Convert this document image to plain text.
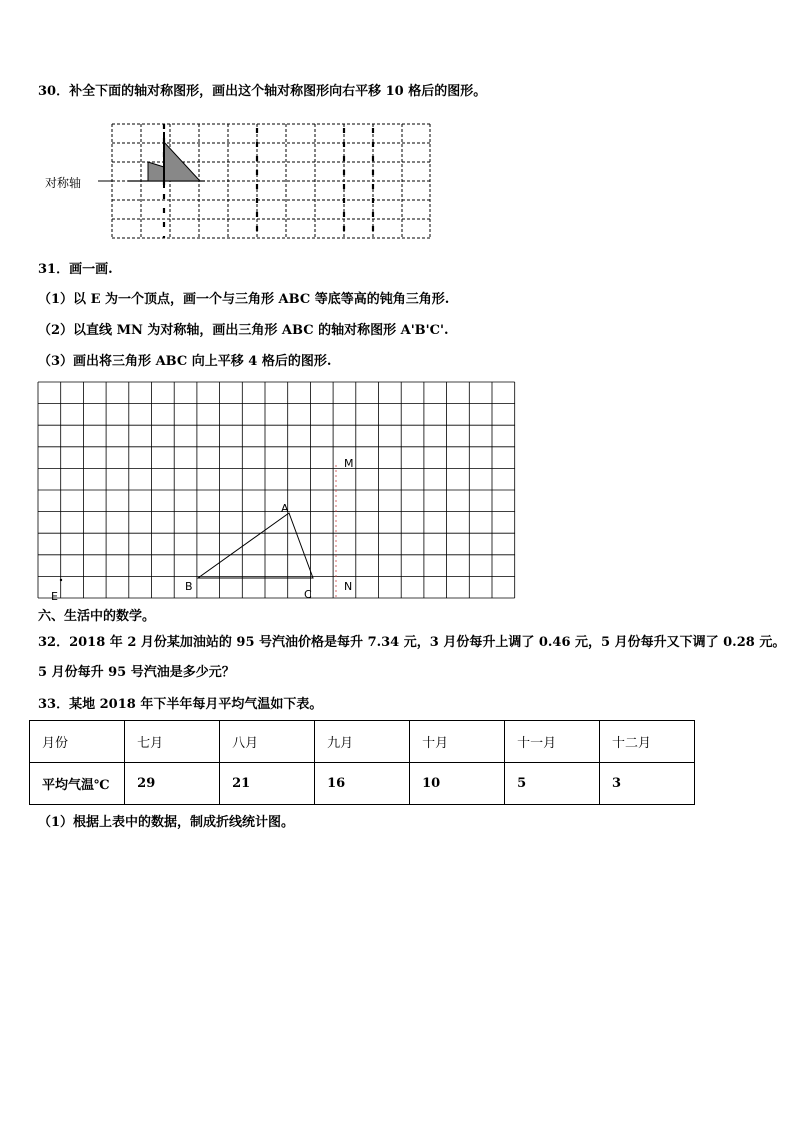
30．补全下面的轴对称图形，画出这个轴对称图形向右平移 10 格后的图形。
对称轴
31．画一画.
（1）以 E 为一个顶点，画一个与三角形 ABC 等底等高的钝角三角形.
（2）以直线 MN 为对称轴，画出三角形 ABC 的轴对称图形 A'B'C'.
（3）画出将三角形 ABC 向上平移 4 格后的图形.
A
B
C
M
N
E
六、生活中的数学。
32．2018 年 2 月份某加油站的 95 号汽油价格是每升 7.34 元，3 月份每升上调了 0.46 元，5 月份每升又下调了 0.28 元。
5 月份每升 95 号汽油是多少元？
33．某地 2018 年下半年每月平均气温如下表。
月份	七月	八月	九月	十月	十一月	十二月
平均气温℃	29	21	16	10	5	3
（1）根据上表中的数据，制成折线统计图。
